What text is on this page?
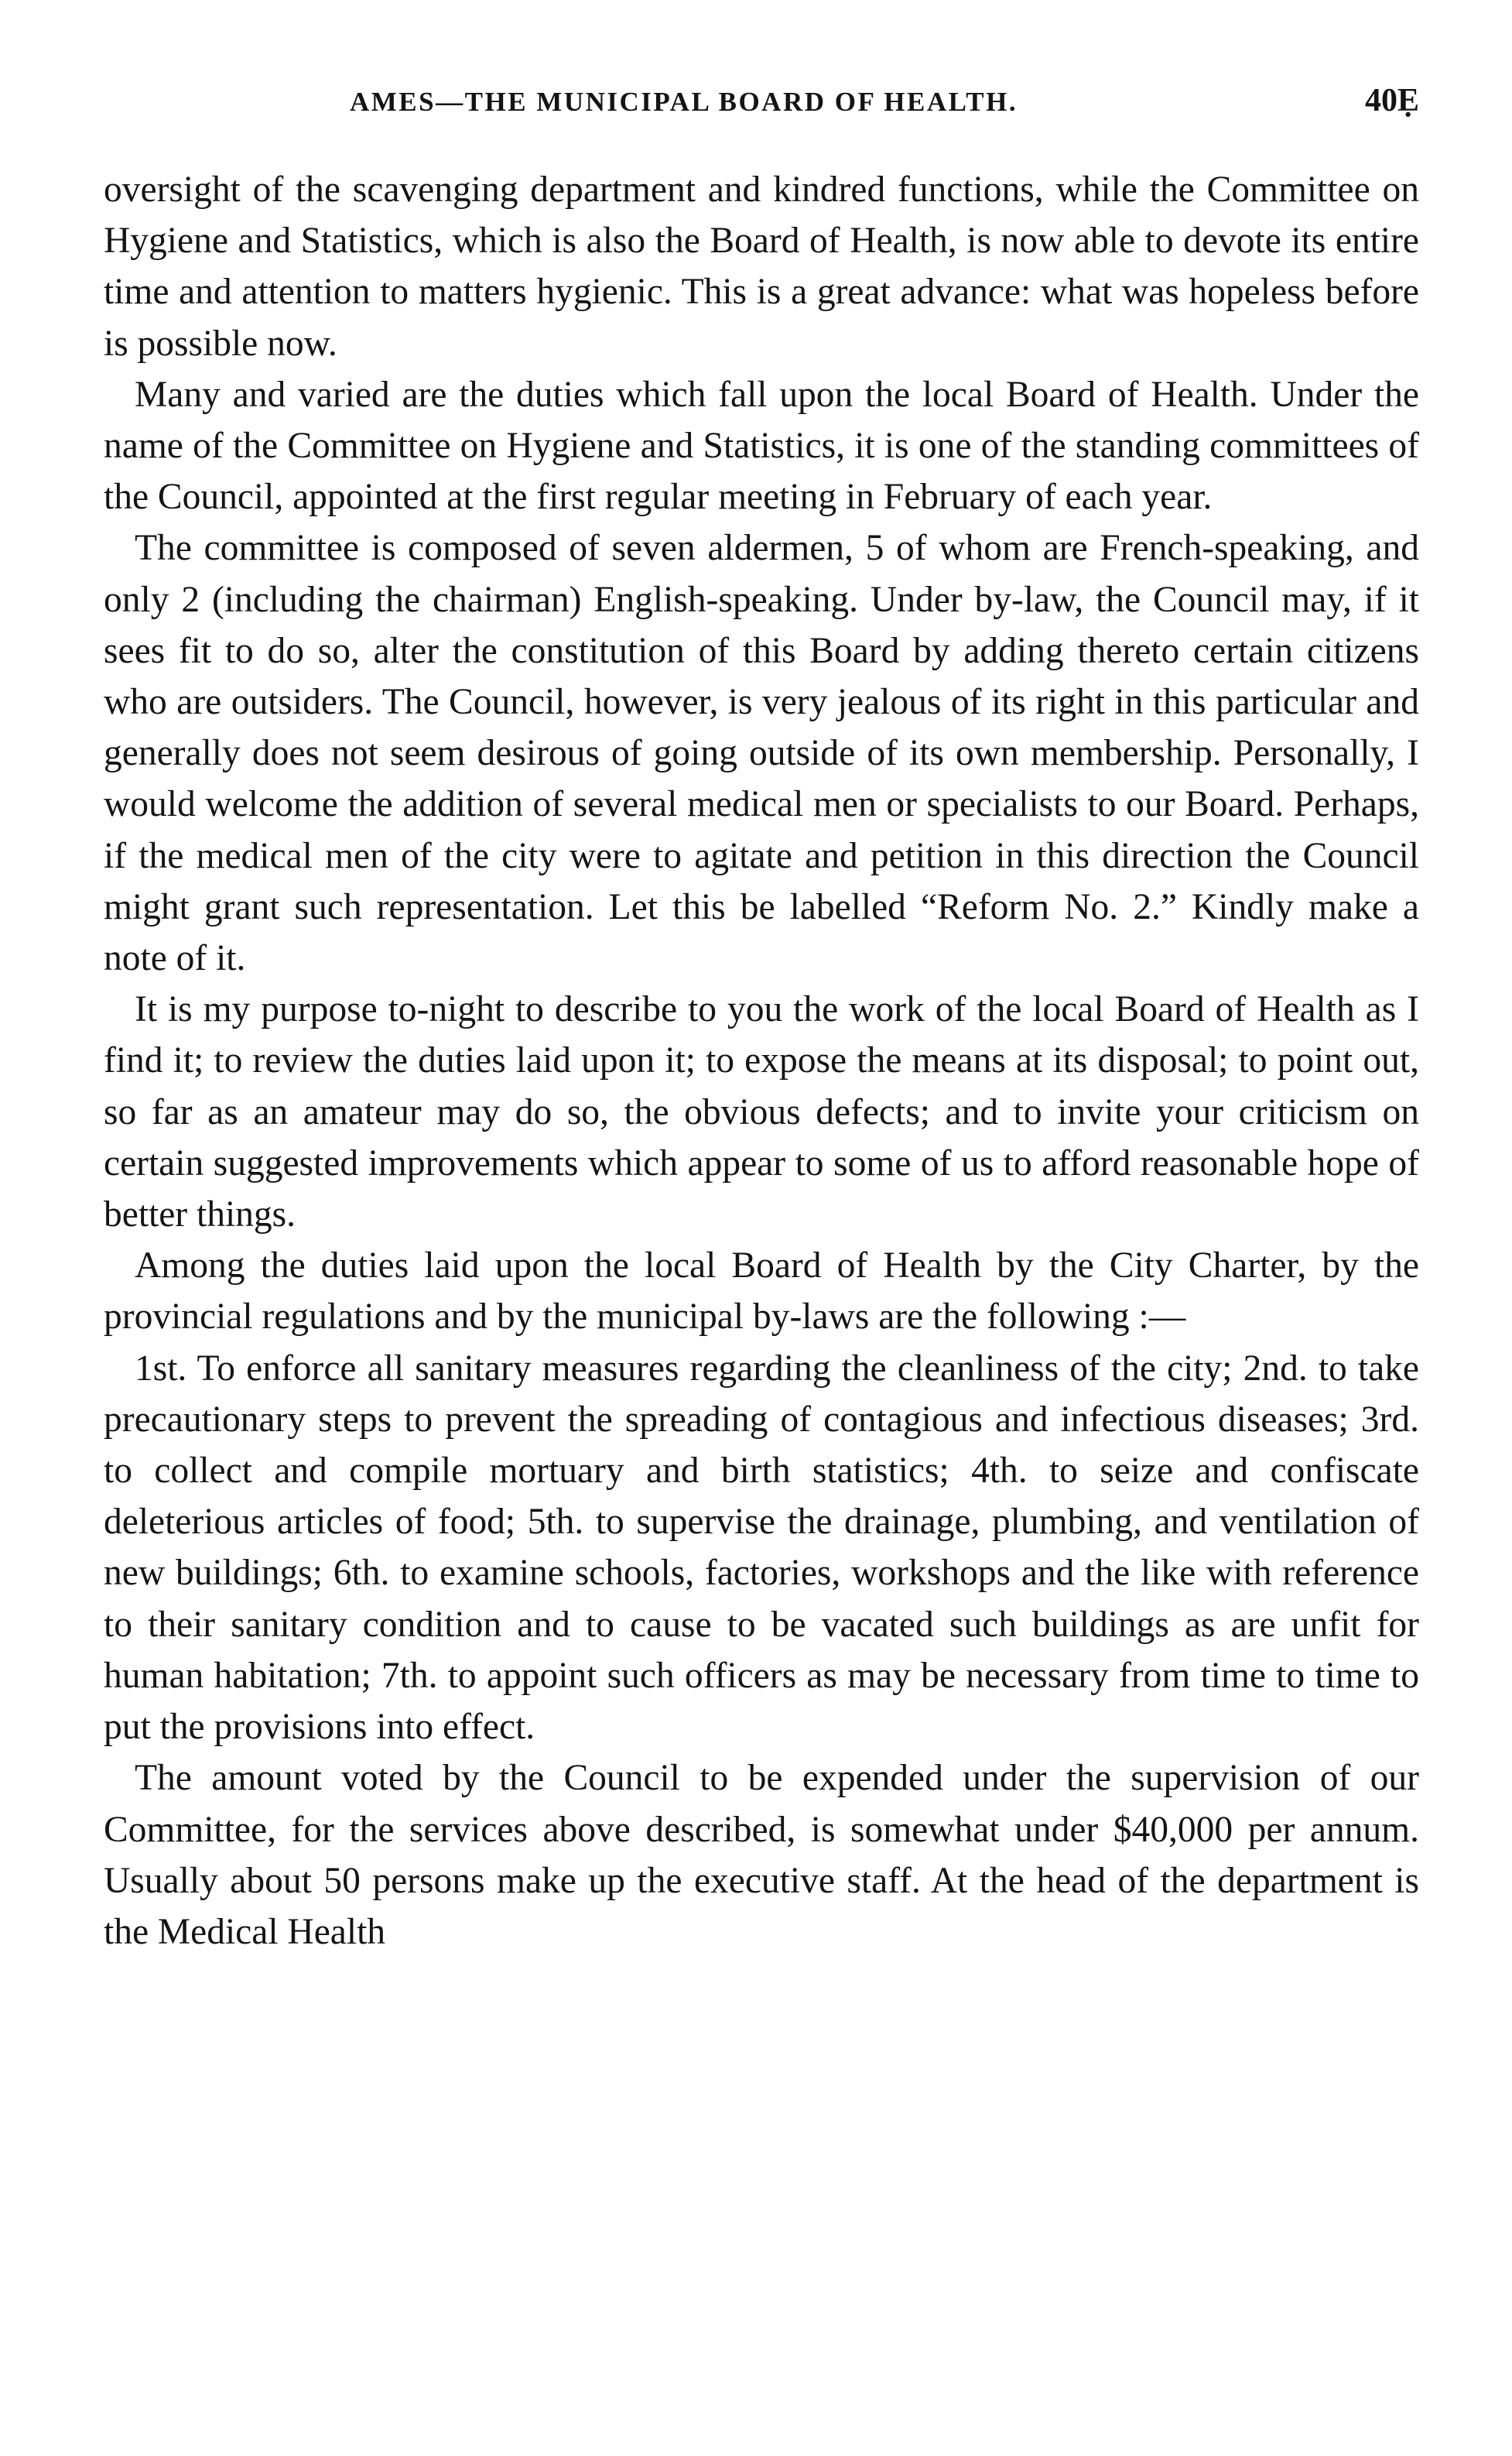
AMES—THE MUNICIPAL BOARD OF HEALTH.	40Ẹ

oversight of the scavenging department and kindred functions, while the Committee on Hygiene and Statistics, which is also the Board of Health, is now able to devote its entire time and attention to matters hygienic. This is a great advance: what was hopeless before is possible now.

Many and varied are the duties which fall upon the local Board of Health. Under the name of the Committee on Hygiene and Statistics, it is one of the standing committees of the Council, appointed at the first regular meeting in February of each year.

The committee is composed of seven aldermen, 5 of whom are French-speaking, and only 2 (including the chairman) English-speaking. Under by-law, the Council may, if it sees fit to do so, alter the constitution of this Board by adding thereto certain citizens who are outsiders. The Council, however, is very jealous of its right in this particular and generally does not seem desirous of going outside of its own membership. Personally, I would welcome the addition of several medical men or specialists to our Board. Perhaps, if the medical men of the city were to agitate and petition in this direction the Council might grant such representation. Let this be labelled “Reform No. 2.” Kindly make a note of it.

It is my purpose to-night to describe to you the work of the local Board of Health as I find it; to review the duties laid upon it; to expose the means at its disposal; to point out, so far as an amateur may do so, the obvious defects; and to invite your criticism on certain suggested improvements which appear to some of us to afford reasonable hope of better things.

Among the duties laid upon the local Board of Health by the City Charter, by the provincial regulations and by the municipal by-laws are the following :—

1st. To enforce all sanitary measures regarding the cleanliness of the city; 2nd. to take precautionary steps to prevent the spreading of contagious and infectious diseases; 3rd. to collect and compile mortuary and birth statistics; 4th. to seize and confiscate deleterious articles of food; 5th. to supervise the drainage, plumbing, and ventilation of new buildings; 6th. to examine schools, factories, workshops and the like with reference to their sanitary condition and to cause to be vacated such buildings as are unfit for human habitation; 7th. to appoint such officers as may be necessary from time to time to put the provisions into effect.

The amount voted by the Council to be expended under the supervision of our Committee, for the services above described, is somewhat under $40,000 per annum. Usually about 50 persons make up the executive staff. At the head of the department is the Medical Health
